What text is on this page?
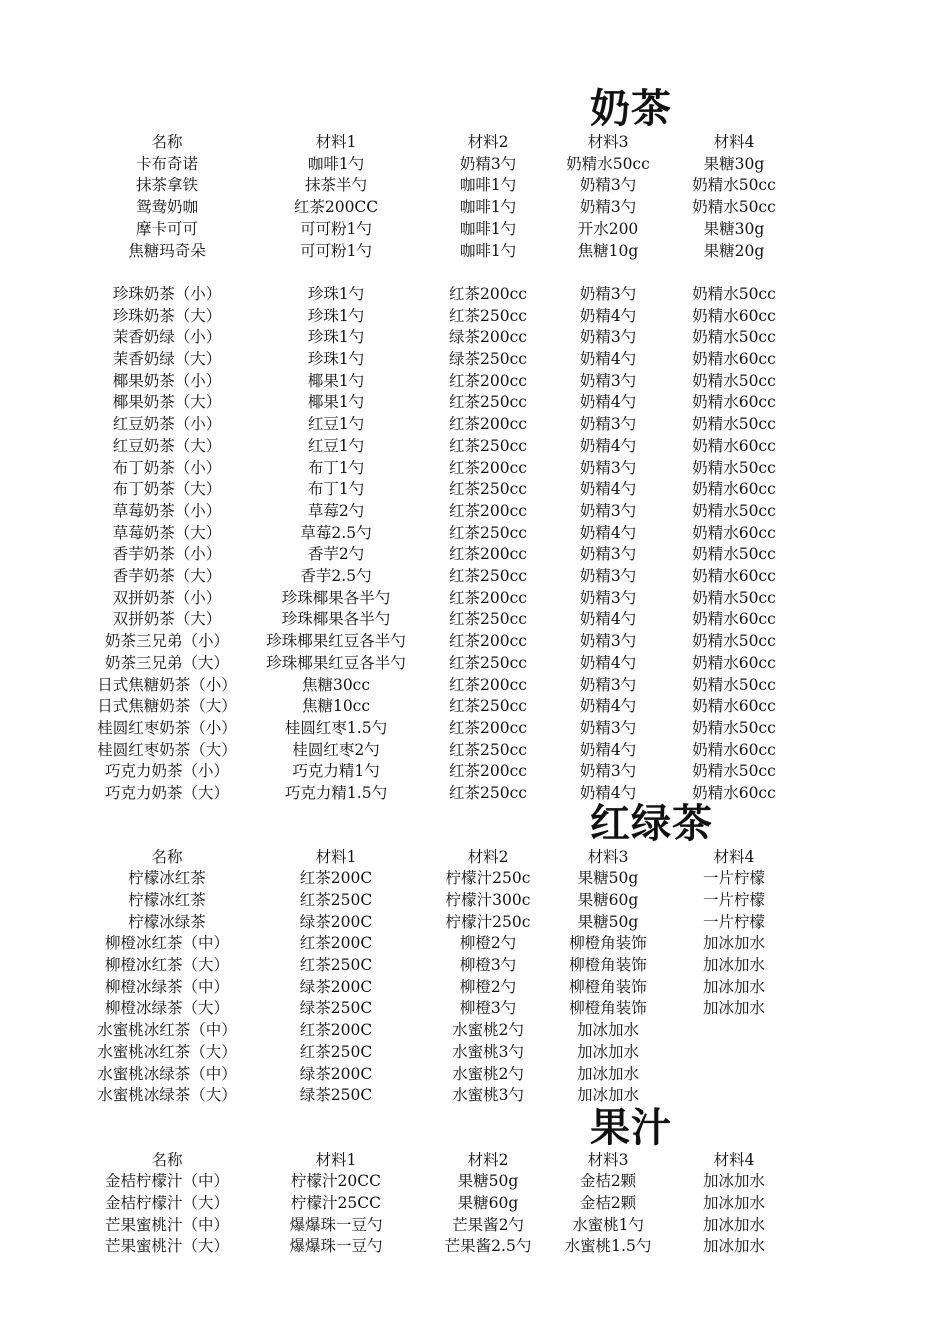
奶茶
名称	材料1	材料2	材料3	材料4
卡布奇诺	咖啡1勺	奶精3勺	奶精水50cc	果糖30g
抹茶拿铁	抹茶半勺	咖啡1勺	奶精3勺	奶精水50cc
鸳鸯奶咖	红茶200CC	咖啡1勺	奶精3勺	奶精水50cc
摩卡可可	可可粉1勺	咖啡1勺	开水200	果糖30g
焦糖玛奇朵	可可粉1勺	咖啡1勺	焦糖10g	果糖20g
珍珠奶茶（小）	珍珠1勺	红茶200cc	奶精3勺	奶精水50cc
珍珠奶茶（大）	珍珠1勺	红茶250cc	奶精4勺	奶精水60cc
茉香奶绿（小）	珍珠1勺	绿茶200cc	奶精3勺	奶精水50cc
茉香奶绿（大）	珍珠1勺	绿茶250cc	奶精4勺	奶精水60cc
椰果奶茶（小）	椰果1勺	红茶200cc	奶精3勺	奶精水50cc
椰果奶茶（大）	椰果1勺	红茶250cc	奶精4勺	奶精水60cc
红豆奶茶（小）	红豆1勺	红茶200cc	奶精3勺	奶精水50cc
红豆奶茶（大）	红豆1勺	红茶250cc	奶精4勺	奶精水60cc
布丁奶茶（小）	布丁1勺	红茶200cc	奶精3勺	奶精水50cc
布丁奶茶（大）	布丁1勺	红茶250cc	奶精4勺	奶精水60cc
草莓奶茶（小）	草莓2勺	红茶200cc	奶精3勺	奶精水50cc
草莓奶茶（大）	草莓2.5勺	红茶250cc	奶精4勺	奶精水60cc
香芋奶茶（小）	香芋2勺	红茶200cc	奶精3勺	奶精水50cc
香芋奶茶（大）	香芋2.5勺	红茶250cc	奶精3勺	奶精水60cc
双拼奶茶（小）	珍珠椰果各半勺	红茶200cc	奶精3勺	奶精水50cc
双拼奶茶（大）	珍珠椰果各半勺	红茶250cc	奶精4勺	奶精水60cc
奶茶三兄弟（小）	珍珠椰果红豆各半勺	红茶200cc	奶精3勺	奶精水50cc
奶茶三兄弟（大）	珍珠椰果红豆各半勺	红茶250cc	奶精4勺	奶精水60cc
日式焦糖奶茶（小）	焦糖30cc	红茶200cc	奶精3勺	奶精水50cc
日式焦糖奶茶（大）	焦糖10cc	红茶250cc	奶精4勺	奶精水60cc
桂圆红枣奶茶（小）	桂圆红枣1.5勺	红茶200cc	奶精3勺	奶精水50cc
桂圆红枣奶茶（大）	桂圆红枣2勺	红茶250cc	奶精4勺	奶精水60cc
巧克力奶茶（小）	巧克力精1勺	红茶200cc	奶精3勺	奶精水50cc
巧克力奶茶（大）	巧克力精1.5勺	红茶250cc	奶精4勺	奶精水60cc
红绿茶
名称	材料1	材料2	材料3	材料4
柠檬冰红茶	红茶200C	柠檬汁250c	果糖50g	一片柠檬
柠檬冰红茶	红茶250C	柠檬汁300c	果糖60g	一片柠檬
柠檬冰绿茶	绿茶200C	柠檬汁250c	果糖50g	一片柠檬
柳橙冰红茶（中）	红茶200C	柳橙2勺	柳橙角装饰	加冰加水
柳橙冰红茶（大）	红茶250C	柳橙3勺	柳橙角装饰	加冰加水
柳橙冰绿茶（中）	绿茶200C	柳橙2勺	柳橙角装饰	加冰加水
柳橙冰绿茶（大）	绿茶250C	柳橙3勺	柳橙角装饰	加冰加水
水蜜桃冰红茶（中）	红茶200C	水蜜桃2勺	加冰加水
水蜜桃冰红茶（大）	红茶250C	水蜜桃3勺	加冰加水
水蜜桃冰绿茶（中）	绿茶200C	水蜜桃2勺	加冰加水
水蜜桃冰绿茶（大）	绿茶250C	水蜜桃3勺	加冰加水
果汁
名称	材料1	材料2	材料3	材料4
金桔柠檬汁（中）	柠檬汁20CC	果糖50g	金桔2颗	加冰加水
金桔柠檬汁（大）	柠檬汁25CC	果糖60g	金桔2颗	加冰加水
芒果蜜桃汁（中）	爆爆珠一豆勺	芒果酱2勺	水蜜桃1勺	加冰加水
芒果蜜桃汁（大）	爆爆珠一豆勺	芒果酱2.5勺	水蜜桃1.5勺	加冰加水
